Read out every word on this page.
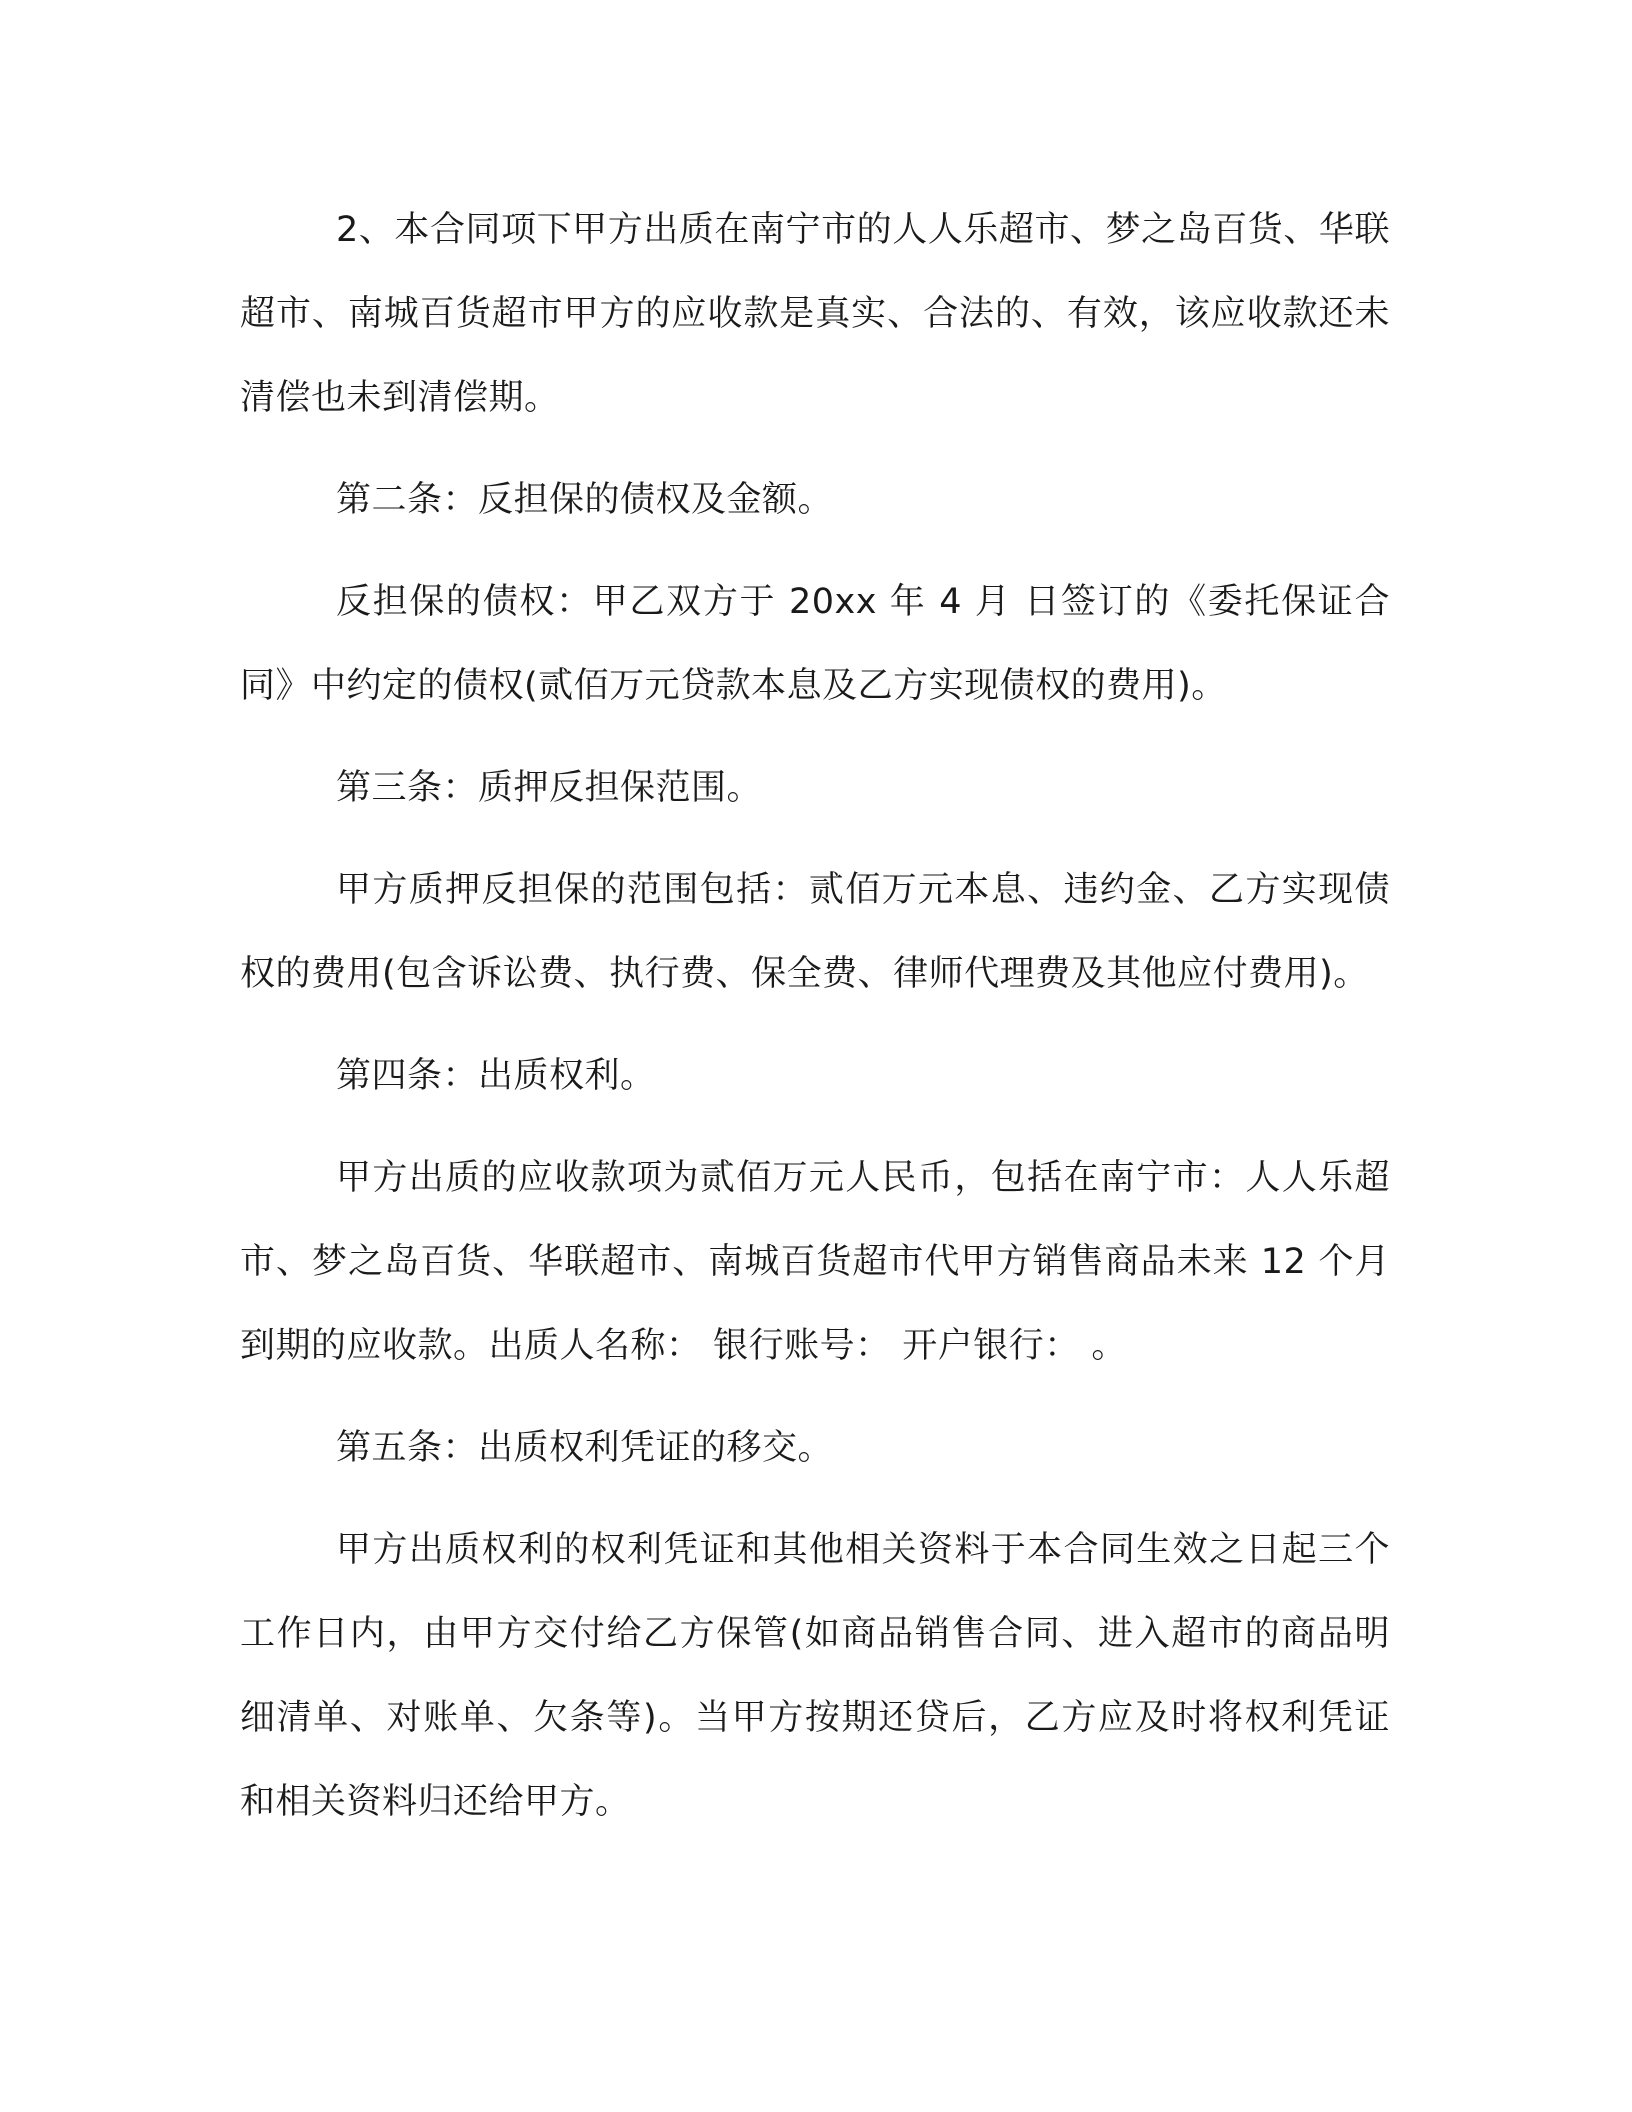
2、本合同项下甲方出质在南宁市的人人乐超市、梦之岛百货、华联超市、南城百货超市甲方的应收款是真实、合法的、有效，该应收款还未清偿也未到清偿期。

第二条：反担保的债权及金额。

反担保的债权：甲乙双方于 20xx 年 4 月 日签订的《委托保证合同》中约定的债权(贰佰万元贷款本息及乙方实现债权的费用)。

第三条：质押反担保范围。

甲方质押反担保的范围包括：贰佰万元本息、违约金、乙方实现债权的费用(包含诉讼费、执行费、保全费、律师代理费及其他应付费用)。

第四条：出质权利。

甲方出质的应收款项为贰佰万元人民币，包括在南宁市：人人乐超市、梦之岛百货、华联超市、南城百货超市代甲方销售商品未来 12 个月到期的应收款。出质人名称： 银行账号： 开户银行： 。

第五条：出质权利凭证的移交。

甲方出质权利的权利凭证和其他相关资料于本合同生效之日起三个工作日内，由甲方交付给乙方保管(如商品销售合同、进入超市的商品明细清单、对账单、欠条等)。当甲方按期还贷后，乙方应及时将权利凭证和相关资料归还给甲方。
